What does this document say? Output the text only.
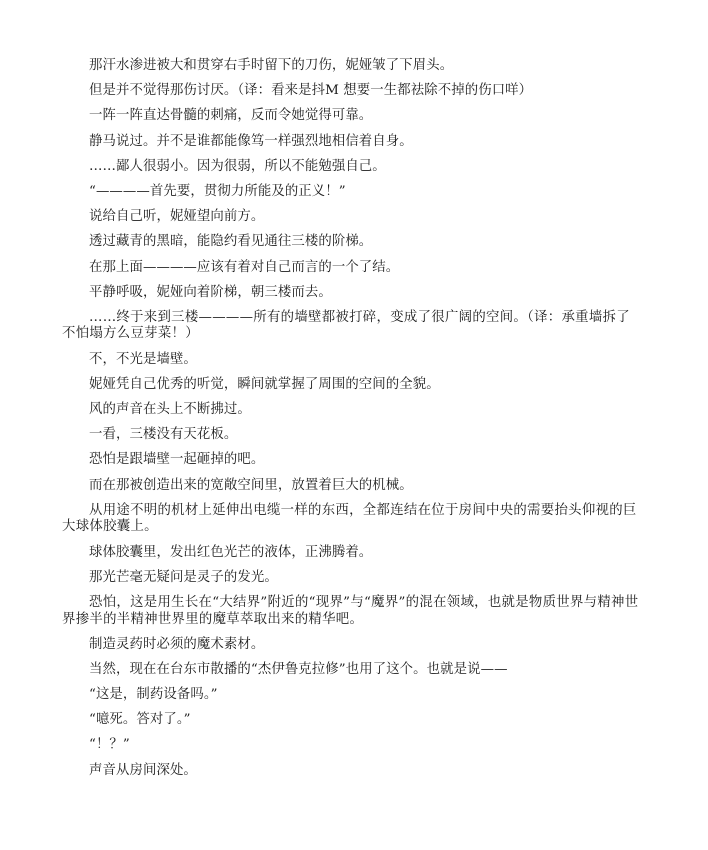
那汗水渗进被大和贯穿右手时留下的刀伤，妮娅皱了下眉头。

但是并不觉得那伤讨厌。（译：看来是抖M 想要一生都祛除不掉的伤口咩）

一阵一阵直达骨髓的刺痛，反而令她觉得可靠。

静马说过。并不是谁都能像笃一样强烈地相信着自身。

……鄙人很弱小。因为很弱，所以不能勉强自己。

“————首先要，贯彻力所能及的正义！”

说给自己听，妮娅望向前方。

透过藏青的黑暗，能隐约看见通往三楼的阶梯。

在那上面————应该有着对自己而言的一个了结。

平静呼吸，妮娅向着阶梯，朝三楼而去。

……终于来到三楼————所有的墙壁都被打碎，变成了很广阔的空间。（译：承重墙拆了不怕塌方么豆芽菜！）

不，不光是墙壁。

妮娅凭自己优秀的听觉，瞬间就掌握了周围的空间的全貌。

风的声音在头上不断拂过。

一看，三楼没有天花板。

恐怕是跟墙壁一起砸掉的吧。

而在那被创造出来的宽敞空间里，放置着巨大的机械。

从用途不明的机材上延伸出电缆一样的东西，全都连结在位于房间中央的需要抬头仰视的巨大球体胶囊上。

球体胶囊里，发出红色光芒的液体，正沸腾着。

那光芒毫无疑问是灵子的发光。

恐怕，这是用生长在“大结界”附近的“现界”与“魔界”的混在领域，也就是物质世界与精神世界掺半的半精神世界里的魔草萃取出来的精华吧。

制造灵药时必须的魔术素材。

当然，现在在台东市散播的“杰伊鲁克拉修”也用了这个。也就是说——

“这是，制药设备吗。”

“噫死。答对了。”

“！？”

声音从房间深处。
